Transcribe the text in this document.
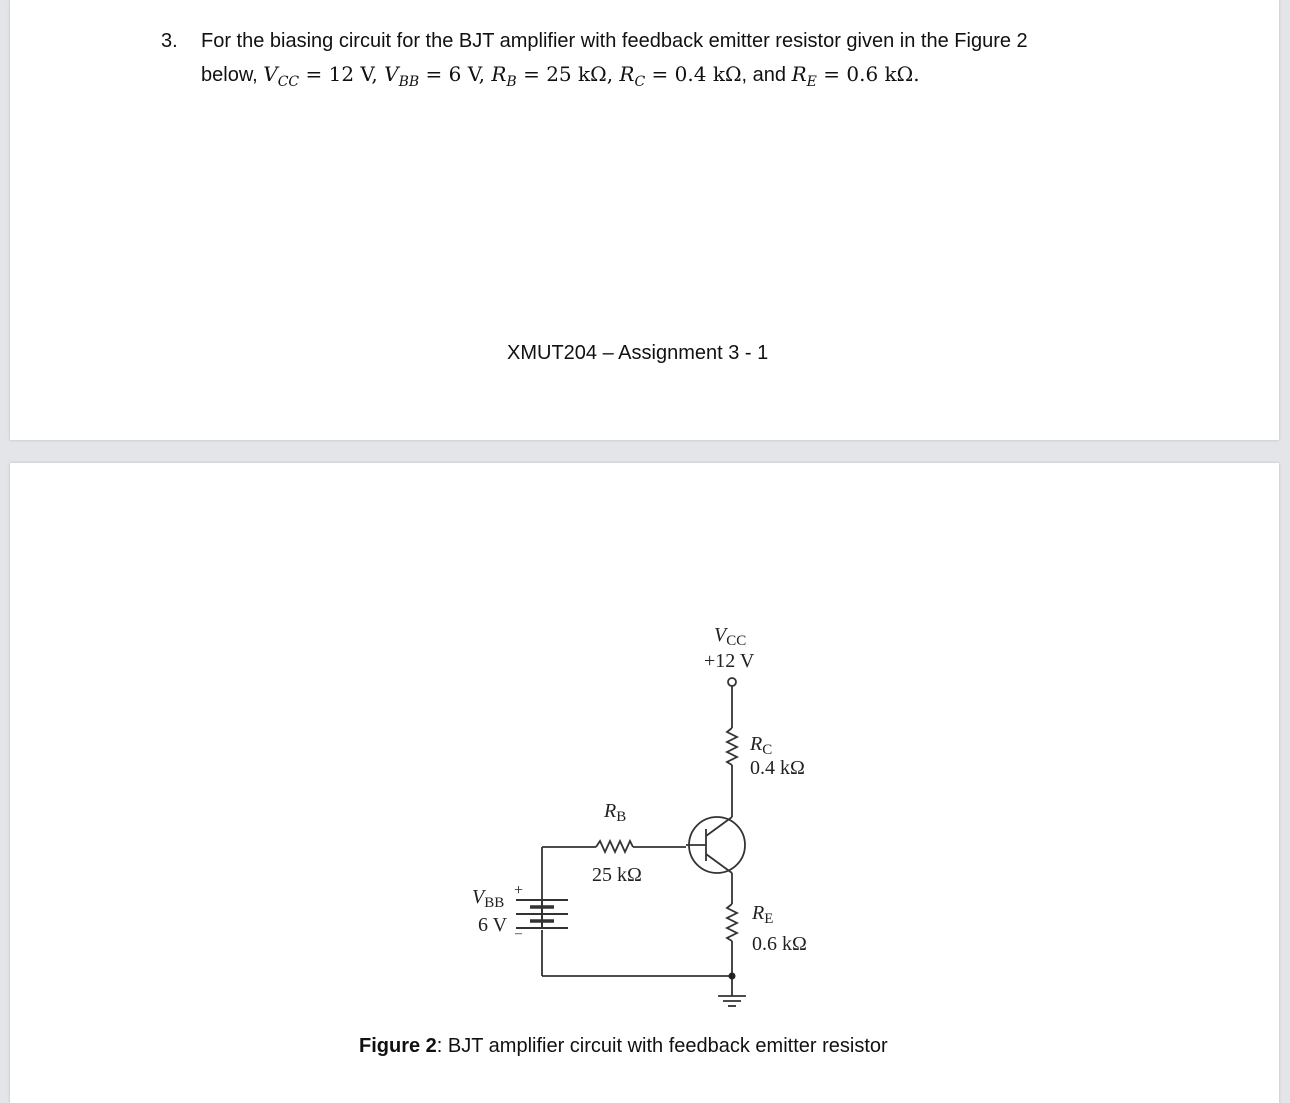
3. For the biasing circuit for the BJT amplifier with feedback emitter resistor given in the Figure 2
below, $V_{CC} = 12$ V, $V_{BB} = 6$ V, $R_B = 25$ kΩ, $R_C = 0.4$ kΩ, and $R_E = 0.6$ kΩ.
XMUT204 – Assignment 3 - 1
$V_{CC}$
+12 V
$R_C$
0.4 kΩ
$R_B$
25 kΩ
$R_E$
0.6 kΩ
$V_{BB}$
6 V
+
–
Figure 2: BJT amplifier circuit with feedback emitter resistor
